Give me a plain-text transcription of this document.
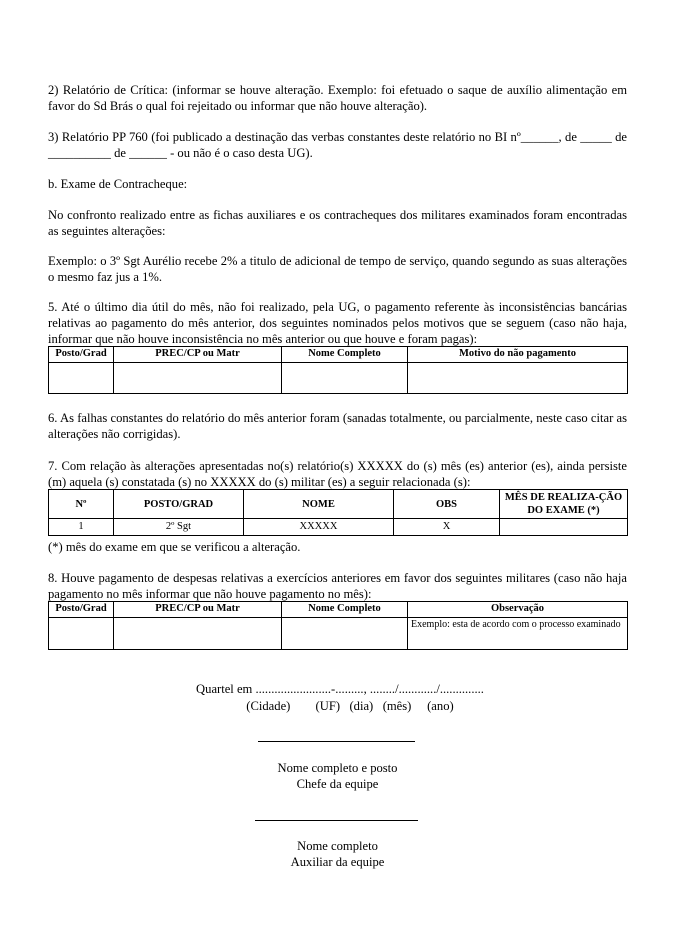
2) Relatório de Crítica: (informar se houve alteração. Exemplo: foi efetuado o saque de auxílio alimentação em favor do Sd Brás o qual foi rejeitado ou informar que não houve alteração).

3) Relatório PP 760 (foi publicado a destinação das verbas constantes deste relatório no BI nº______, de _____ de __________ de ______ - ou não é o caso desta UG).

b. Exame de Contracheque:

No confronto realizado entre as fichas auxiliares e os contracheques dos militares examinados foram encontradas as seguintes alterações:

Exemplo: o 3º Sgt Aurélio recebe 2% a titulo de adicional de tempo de serviço, quando segundo as suas alterações o mesmo faz jus a 1%.

5. Até o último dia útil do mês, não foi realizado, pela UG, o pagamento referente às inconsistências bancárias relativas ao pagamento do mês anterior, dos seguintes nominados pelos motivos que se seguem (caso não haja, informar que não houve inconsistência no mês anterior ou que houve e foram pagas):

Posto/Grad	PREC/CP ou Matr	Nome Completo	Motivo do não pagamento

6. As falhas constantes do relatório do mês anterior foram (sanadas totalmente, ou parcialmente, neste caso citar as alterações não corrigidas).

7. Com relação às alterações apresentadas no(s) relatório(s) XXXXX do (s) mês (es) anterior (es), ainda persiste (m) aquela (s) constatada (s) no XXXXX do (s) militar (es) a seguir relacionada (s):

Nº	POSTO/GRAD	NOME	OBS	MÊS DE REALIZA-ÇÃO DO EXAME (*)
1	2º Sgt	XXXXX	X	

(*) mês do exame em que se verificou a alteração.

8. Houve pagamento de despesas relativas a exercícios anteriores em favor dos seguintes militares (caso não haja pagamento no mês informar que não houve pagamento no mês):

Posto/Grad	PREC/CP ou Matr	Nome Completo	Observação
			Exemplo: esta de acordo com o processo examinado
Quartel em ........................-........., ......../............/..............
(Cidade)        (UF)   (dia)   (mês)     (ano)
Nome completo e posto
Chefe da equipe
Nome completo
Auxiliar da equipe
